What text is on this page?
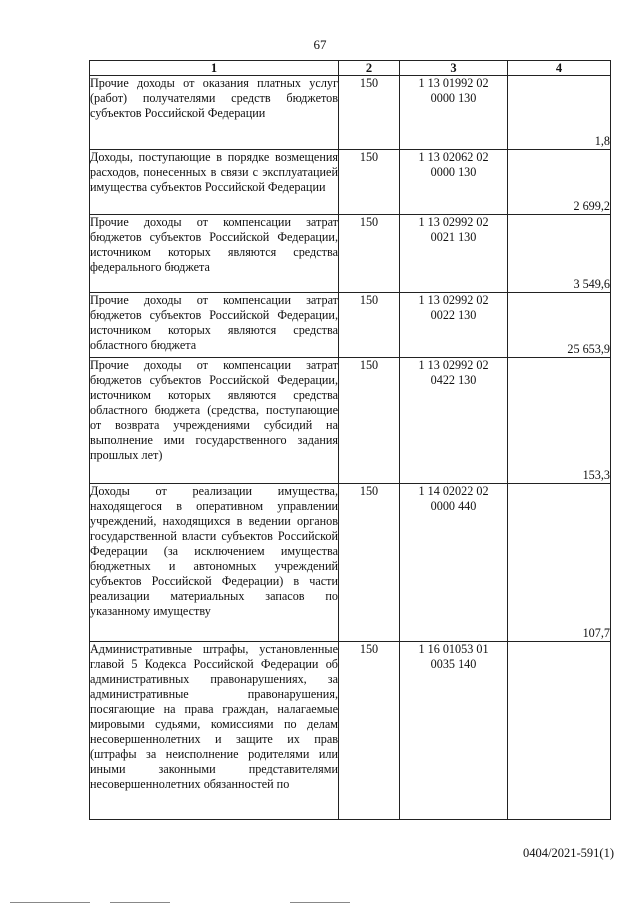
67
1	2	3	4
Прочие доходы от оказания платных услуг (работ) получателями средств бюджетов субъектов Российской Федерации	150	1 13 01992 02
0000 130	1,8
Доходы, поступающие в порядке возмещения расходов, понесенных в связи с эксплуатацией имущества субъектов Российской Федерации	150	1 13 02062 02
0000 130	2 699,2
Прочие доходы от компенсации затрат бюджетов субъектов Российской Федерации, источником которых являются средства федерального бюджета	150	1 13 02992 02
0021 130	3 549,6
Прочие доходы от компенсации затрат бюджетов субъектов Российской Федерации, источником которых являются средства областного бюджета	150	1 13 02992 02
0022 130	25 653,9
Прочие доходы от компенсации затрат бюджетов субъектов Российской Федерации, источником которых являются средства областного бюджета (средства, поступающие от возврата учреждениями субсидий на выполнение ими государственного задания прошлых лет)	150	1 13 02992 02
0422 130	153,3
Доходы от реализации имущества, находящегося в оперативном управлении учреждений, находящихся в ведении органов государственной власти субъектов Российской Федерации (за исключением имущества бюджетных и автономных учреждений субъектов Российской Федерации) в части реализации материальных запасов по указанному имуществу	150	1 14 02022 02
0000 440	107,7
Административные штрафы, установленные главой 5 Кодекса Российской Федерации об административных правонарушениях, за административные правонарушения, посягающие на права граждан, налагаемые мировыми судьями, комиссиями по делам несовершеннолетних и защите их прав (штрафы за неисполнение родителями или иными законными представителями несовершеннолетних обязанностей по	150	1 16 01053 01
0035 140	
0404/2021-591(1)
